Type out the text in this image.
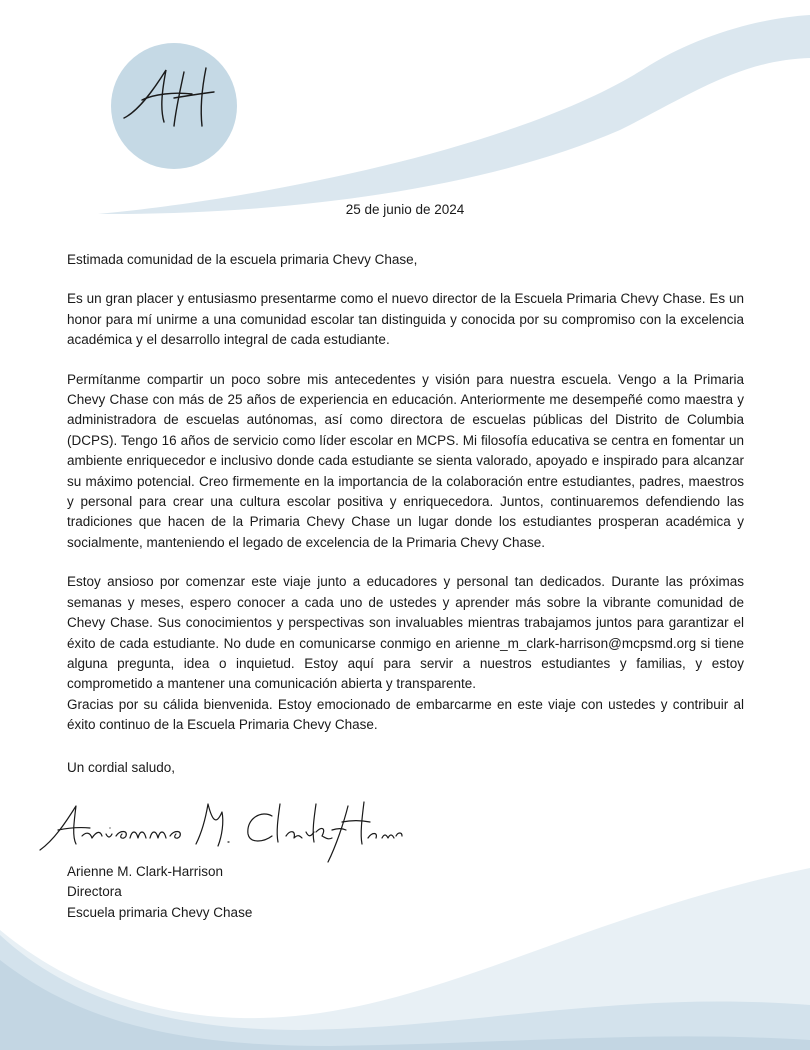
25 de junio de 2024

Estimada comunidad de la escuela primaria Chevy Chase,

Es un gran placer y entusiasmo presentarme como el nuevo director de la Escuela Primaria Chevy Chase. Es un honor para mí unirme a una comunidad escolar tan distinguida y conocida por su compromiso con la excelencia académica y el desarrollo integral de cada estudiante.

Permítanme compartir un poco sobre mis antecedentes y visión para nuestra escuela. Vengo a la Primaria Chevy Chase con más de 25 años de experiencia en educación. Anteriormente me desempeñé como maestra y administradora de escuelas autónomas, así como directora de escuelas públicas del Distrito de Columbia (DCPS). Tengo 16 años de servicio como líder escolar en MCPS. Mi filosofía educativa se centra en fomentar un ambiente enriquecedor e inclusivo donde cada estudiante se sienta valorado, apoyado e inspirado para alcanzar su máximo potencial. Creo firmemente en la importancia de la colaboración entre estudiantes, padres, maestros y personal para crear una cultura escolar positiva y enriquecedora. Juntos, continuaremos defendiendo las tradiciones que hacen de la Primaria Chevy Chase un lugar donde los estudiantes prosperan académica y socialmente, manteniendo el legado de excelencia de la Primaria Chevy Chase.

Estoy ansioso por comenzar este viaje junto a educadores y personal tan dedicados. Durante las próximas semanas y meses, espero conocer a cada uno de ustedes y aprender más sobre la vibrante comunidad de Chevy Chase. Sus conocimientos y perspectivas son invaluables mientras trabajamos juntos para garantizar el éxito de cada estudiante. No dude en comunicarse conmigo en arienne_m_clark-harrison@mcpsmd.org si tiene alguna pregunta, idea o inquietud. Estoy aquí para servir a nuestros estudiantes y familias, y estoy comprometido a mantener una comunicación abierta y transparente.

Gracias por su cálida bienvenida. Estoy emocionado de embarcarme en este viaje con ustedes y contribuir al éxito continuo de la Escuela Primaria Chevy Chase.

Un cordial saludo,

Arienne M. Clark-Harrison
Directora
Escuela primaria Chevy Chase
